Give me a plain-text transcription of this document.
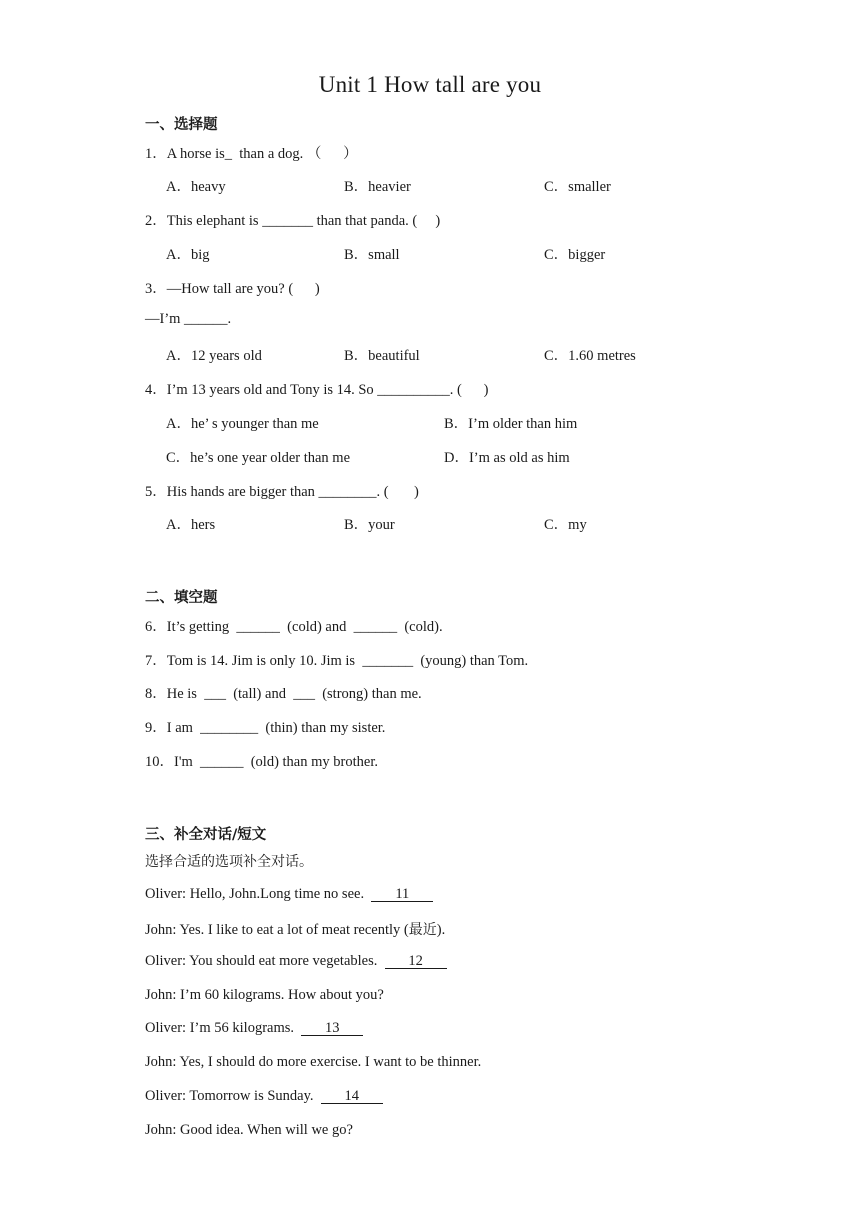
Unit 1 How tall are you
一、选择题
1．A horse is_  than a dog. （      ）
A．heavy	B．heavier	C．smaller
2．This elephant is _______ than that panda. (     )
A．big	B．small	C．bigger
3．—How tall are you? (      )
—I’m ______.
A．12 years old	B．beautiful	C．1.60 metres
4．I’m 13 years old and Tony is 14. So __________. (      )
A．he’ s younger than me	B．I’m older than him
C．he’s one year older than me	D．I’m as old as him
5．His hands are bigger than ________. (       )
A．hers	B．your	C．my
二、填空题
6．It’s getting  ______  (cold) and  ______  (cold).
7．Tom is 14. Jim is only 10. Jim is  _______  (young) than Tom.
8．He is  ___  (tall) and  ___  (strong) than me.
9．I am  ________  (thin) than my sister.
10．I'm  ______  (old) than my brother.
三、补全对话/短文
选择合适的选项补全对话。
Oliver: Hello, John.Long time no see.  11
John: Yes. I like to eat a lot of meat recently (最近).
Oliver: You should eat more vegetables.  12
John: I’m 60 kilograms. How about you?
Oliver: I’m 56 kilograms.  13
John: Yes, I should do more exercise. I want to be thinner.
Oliver: Tomorrow is Sunday.  14
John: Good idea. When will we go?
